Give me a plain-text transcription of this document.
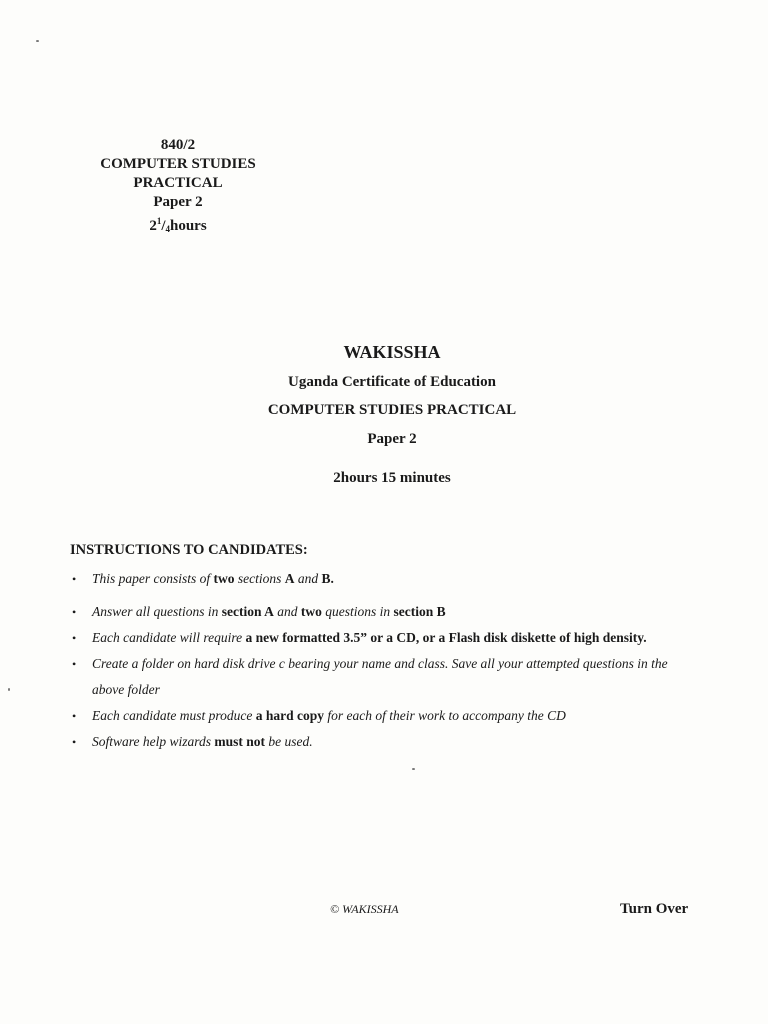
840/2
COMPUTER STUDIES
PRACTICAL
Paper 2
$2^1/_4hours$
WAKISSHA
Uganda Certificate of Education
COMPUTER STUDIES PRACTICAL
Paper 2
2hours 15 minutes
INSTRUCTIONS TO CANDIDATES:
• This paper consists of two sections A and B.
• Answer all questions in section A and two questions in section B
• Each candidate will require a new formatted 3.5” or a CD, or a Flash disk diskette of high density.
• Create a folder on hard disk drive c bearing your name and class. Save all your attempted questions in the above folder
• Each candidate must produce a hard copy for each of their work to accompany the CD
• Software help wizards must not be used.
© WAKISSHA	Turn Over
